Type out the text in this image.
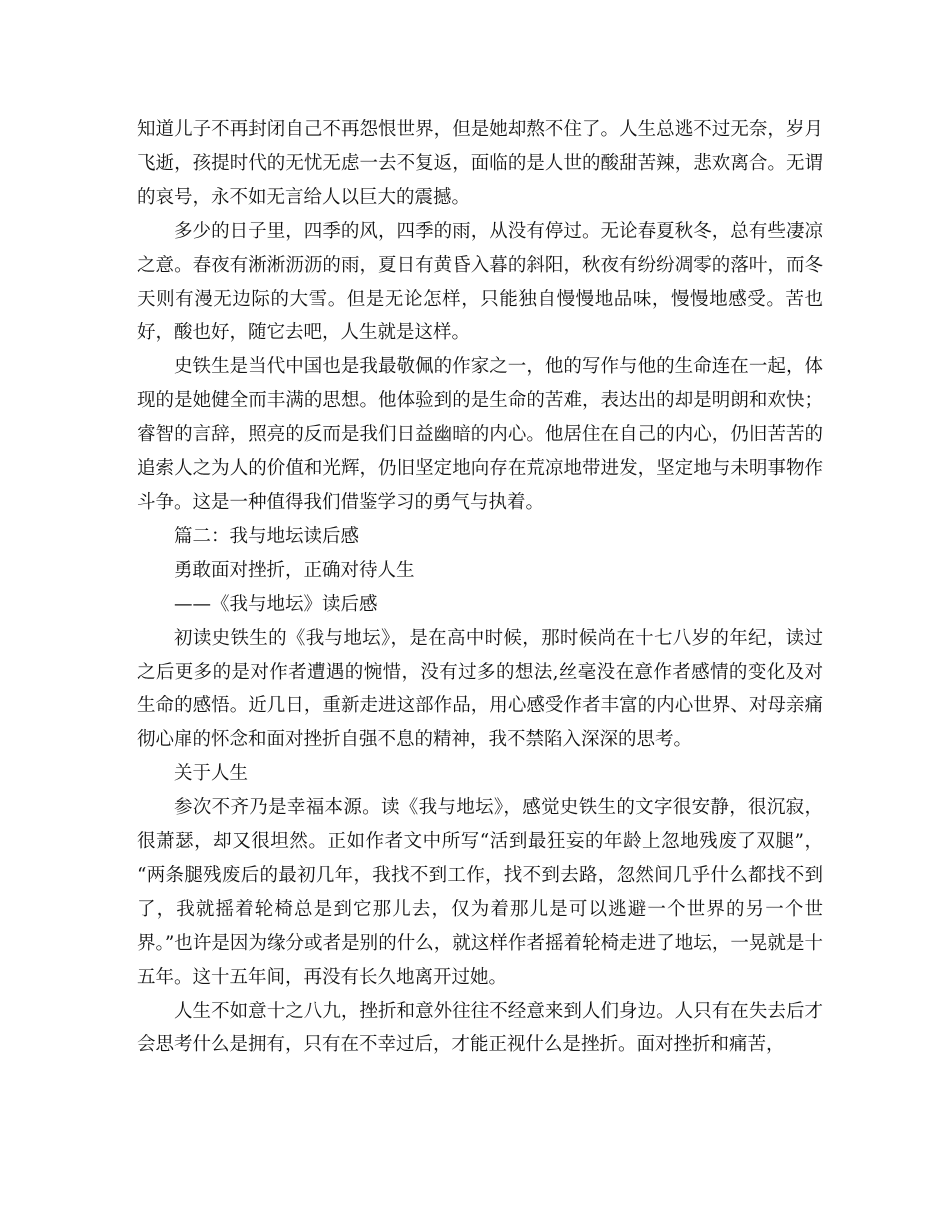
知道儿子不再封闭自己不再怨恨世界，但是她却熬不住了。人生总逃不过无奈，岁月飞逝，孩提时代的无忧无虑一去不复返，面临的是人世的酸甜苦辣，悲欢离合。无谓的哀号，永不如无言给人以巨大的震撼。

多少的日子里，四季的风，四季的雨，从没有停过。无论春夏秋冬，总有些凄凉之意。春夜有淅淅沥沥的雨，夏日有黄昏入暮的斜阳，秋夜有纷纷凋零的落叶，而冬天则有漫无边际的大雪。但是无论怎样，只能独自慢慢地品味，慢慢地感受。苦也好，酸也好，随它去吧，人生就是这样。

史铁生是当代中国也是我最敬佩的作家之一，他的写作与他的生命连在一起，体现的是她健全而丰满的思想。他体验到的是生命的苦难，表达出的却是明朗和欢快；睿智的言辞，照亮的反而是我们日益幽暗的内心。他居住在自己的内心，仍旧苦苦的追索人之为人的价值和光辉，仍旧坚定地向存在荒凉地带进发，坚定地与未明事物作斗争。这是一种值得我们借鉴学习的勇气与执着。

篇二：我与地坛读后感

勇敢面对挫折，正确对待人生

——《我与地坛》读后感

初读史铁生的《我与地坛》，是在高中时候，那时候尚在十七八岁的年纪，读过之后更多的是对作者遭遇的惋惜，没有过多的想法,丝毫没在意作者感情的变化及对生命的感悟。近几日，重新走进这部作品，用心感受作者丰富的内心世界、对母亲痛彻心扉的怀念和面对挫折自强不息的精神，我不禁陷入深深的思考。

关于人生

参次不齐乃是幸福本源。读《我与地坛》，感觉史铁生的文字很安静，很沉寂，很萧瑟，却又很坦然。正如作者文中所写“活到最狂妄的年龄上忽地残废了双腿”， “两条腿残废后的最初几年，我找不到工作，找不到去路，忽然间几乎什么都找不到了，我就摇着轮椅总是到它那儿去，仅为着那儿是可以逃避一个世界的另一个世界。”也许是因为缘分或者是别的什么，就这样作者摇着轮椅走进了地坛，一晃就是十五年。这十五年间，再没有长久地离开过她。

人生不如意十之八九，挫折和意外往往不经意来到人们身边。人只有在失去后才会思考什么是拥有，只有在不幸过后，才能正视什么是挫折。面对挫折和痛苦，
